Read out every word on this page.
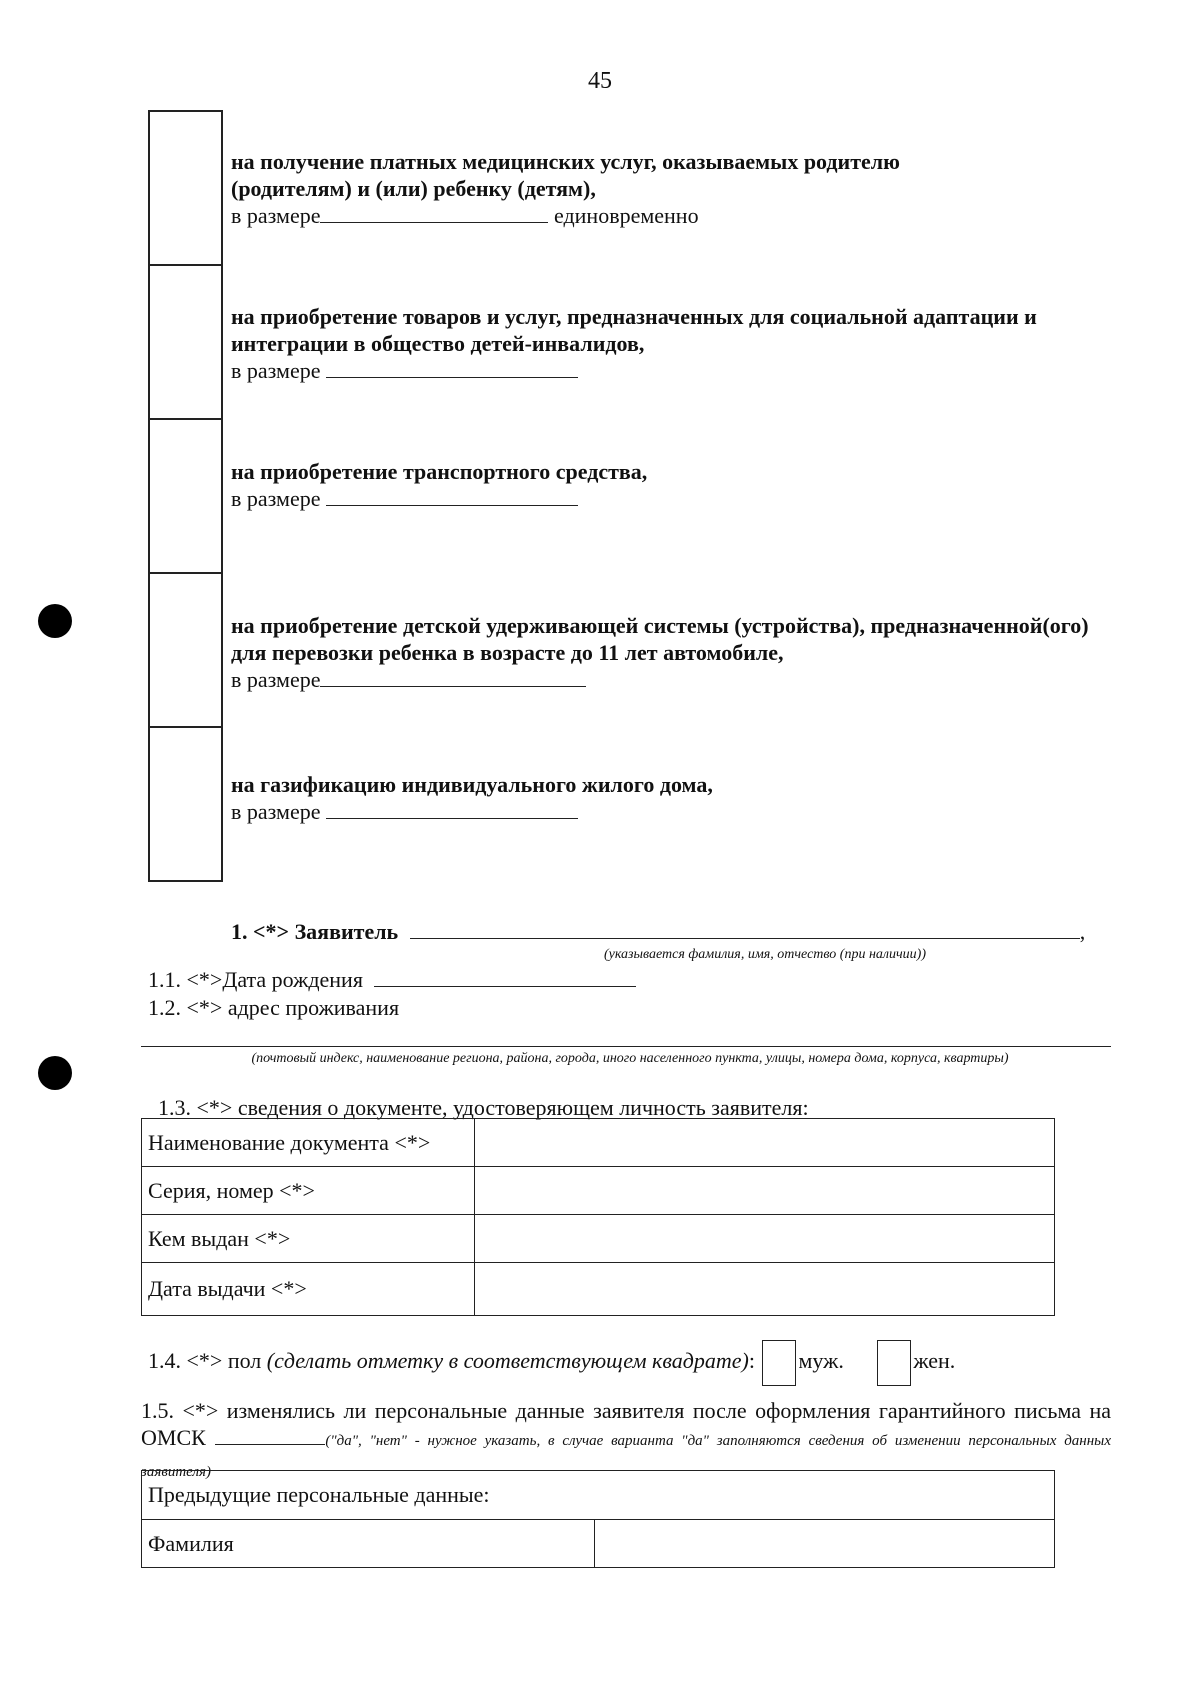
45
на получение платных медицинских услуг, оказываемых родителю (родителям) и (или) ребенку (детям),
в размере	единовременно
на приобретение товаров и услуг, предназначенных для социальной адаптации и интеграции в общество детей-инвалидов,
в размере
на приобретение транспортного средства,
в размере
на приобретение детской удерживающей системы (устройства), предназначенной(ого) для перевозки ребенка в возрасте до 11 лет автомобиле,
в размере
на газификацию индивидуального жилого дома,
в размере
1. <*> Заявитель	,
(указывается фамилия, имя, отчество (при наличии))
1.1. <*>Дата рождения
1.2. <*> адрес проживания
(почтовый индекс, наименование региона, района, города, иного населенного пункта, улицы, номера дома, корпуса, квартиры)
1.3. <*> сведения о документе, удостоверяющем личность заявителя:
Наименование документа <*>	
Серия, номер <*>	
Кем выдан <*>	
Дата выдачи <*>	
1.4. <*> пол (сделать отметку в соответствующем квадрате): муж.	жен.
1.5. <*> изменялись ли персональные данные заявителя после оформления гарантийного письма на ОМСК	("да", "нет" - нужное указать, в случае варианта "да" заполняются сведения об изменении персональных данных заявителя)
Предыдущие персональные данные:
Фамилия	
